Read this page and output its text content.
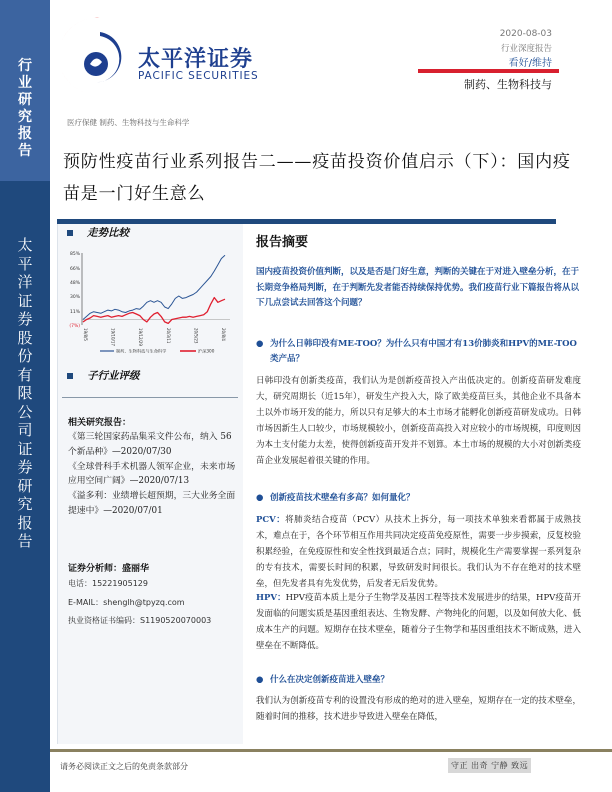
行
业
研
究
报
告
太
平
洋
证
券
股
份
有
限
公
司
证
券
研
究
报
告
太平洋证券
PACIFIC SECURITIES
2020-08-03
行业深度报告
看好/维持
制药、生物科技与
医疗保健 制药、生物科技与生命科学
预防性疫苗行业系列报告二——疫苗投资价值启示（下）：国内疫苗是一门好生意么
走势比较
85%
66%
48%
30%
11%
(7%)
19/8/5	19/10/17	19/12/29	20/3/11	20/5/23	20/8/4
制药、生物科技与生命科学	沪深300
子行业评级
相关研究报告：

《第三轮国家药品集采文件公布，纳入 56 个新品种》—2020/07/30

《全球骨科手术机器人领军企业，未来市场应用空间广阔》—2020/07/13

《溢多利：业绩增长超预期，三大业务全面提速中》—2020/07/01

证券分析师：盛丽华
电话：15221905129
E-MAIL：shenglh@tpyzq.com
执业资格证书编码：S1190520070003
报告摘要
国内疫苗投资价值判断，以及是否是门好生意，判断的关键在于对进入壁垒分析，在于长期竞争格局判断，在于判断先发者能否持续保持优势。我们疫苗行业下篇报告将从以下几点尝试去回答这个问题？
● 为什么日韩印没有ME-TOO？为什么只有中国才有13价肺炎和HPV的ME-TOO类产品？
日韩印没有创新类疫苗，我们认为是创新疫苗投入产出低决定的。创新疫苗研发难度大，研究周期长（近15年），研发生产投入大，除了欧美疫苗巨头，其他企业不具备本土以外市场开发的能力，所以只有足够大的本土市场才能孵化创新疫苗研发成功。日韩市场因新生人口较少，市场规模较小，创新疫苗高投入对应较小的市场规模，印度则因为本土支付能力太差，使得创新疫苗开发并不划算。本土市场的规模的大小对创新类疫苗企业发展起着很关键的作用。
● 创新疫苗技术壁垒有多高？如何量化？
PCV：将肺炎结合疫苗（PCV）从技术上拆分，每一项技术单独来看都属于成熟技术，难点在于，各个环节相互作用共同决定疫苗免疫原性，需要一步步摸索，反复校验积累经验，在免疫原性和安全性找到最适合点；同时，规模化生产需要掌握一系列复杂的专有技术，需要长时间的积累，导致研发时间很长。我们认为不存在绝对的技术壁垒，但先发者具有先发优势，后发者无后发优势。
HPV：HPV疫苗本质上是分子生物学及基因工程等技术发展进步的结果，HPV疫苗开发面临的问题实质是基因重组表达、生物发酵、产物纯化的问题，以及如何放大化、低成本生产的问题。短期存在技术壁垒，随着分子生物学和基因重组技术不断成熟，进入壁垒在不断降低。
● 什么在决定创新疫苗进入壁垒？
我们认为创新疫苗专利的设置没有形成的绝对的进入壁垒，短期存在一定的技术壁垒，随着时间的推移，技术进步导致进入壁垒在降低，
请务必阅读正文之后的免责条款部分	守正 出奇 宁静 致远
